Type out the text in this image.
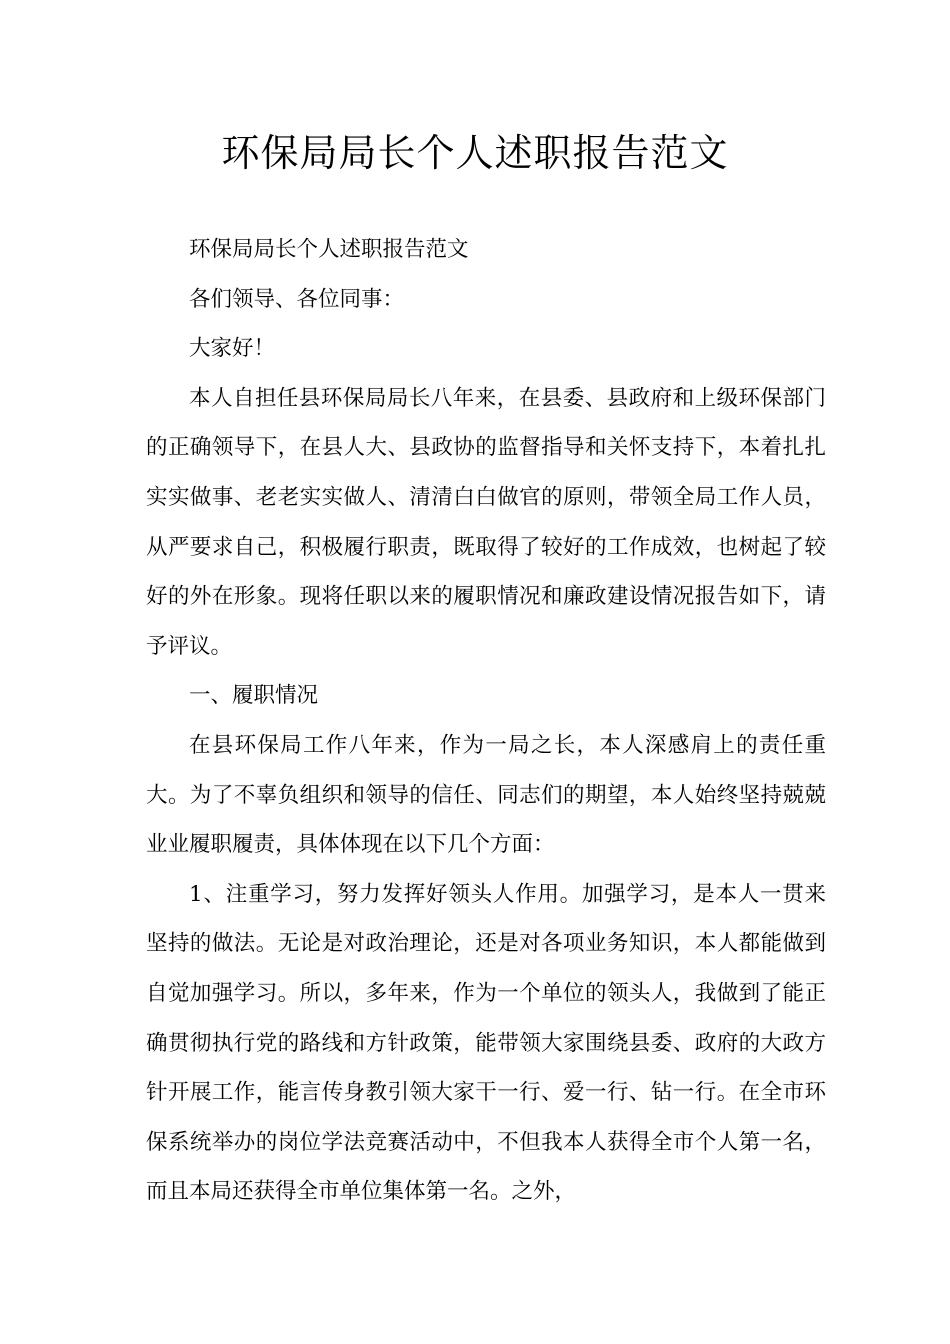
环保局局长个人述职报告范文

环保局局长个人述职报告范文

各们领导、各位同事：

大家好！

本人自担任县环保局局长八年来，在县委、县政府和上级环保部门的正确领导下，在县人大、县政协的监督指导和关怀支持下，本着扎扎实实做事、老老实实做人、清清白白做官的原则，带领全局工作人员，从严要求自己，积极履行职责，既取得了较好的工作成效，也树起了较好的外在形象。现将任职以来的履职情况和廉政建设情况报告如下，请予评议。

一、履职情况

在县环保局工作八年来，作为一局之长，本人深感肩上的责任重大。为了不辜负组织和领导的信任、同志们的期望，本人始终坚持兢兢业业履职履责，具体体现在以下几个方面：

1、注重学习，努力发挥好领头人作用。加强学习，是本人一贯来坚持的做法。无论是对政治理论，还是对各项业务知识，本人都能做到自觉加强学习。所以，多年来，作为一个单位的领头人，我做到了能正确贯彻执行党的路线和方针政策，能带领大家围绕县委、政府的大政方针开展工作，能言传身教引领大家干一行、爱一行、钻一行。在全市环保系统举办的岗位学法竞赛活动中，不但我本人获得全市个人第一名，而且本局还获得全市单位集体第一名。之外，
